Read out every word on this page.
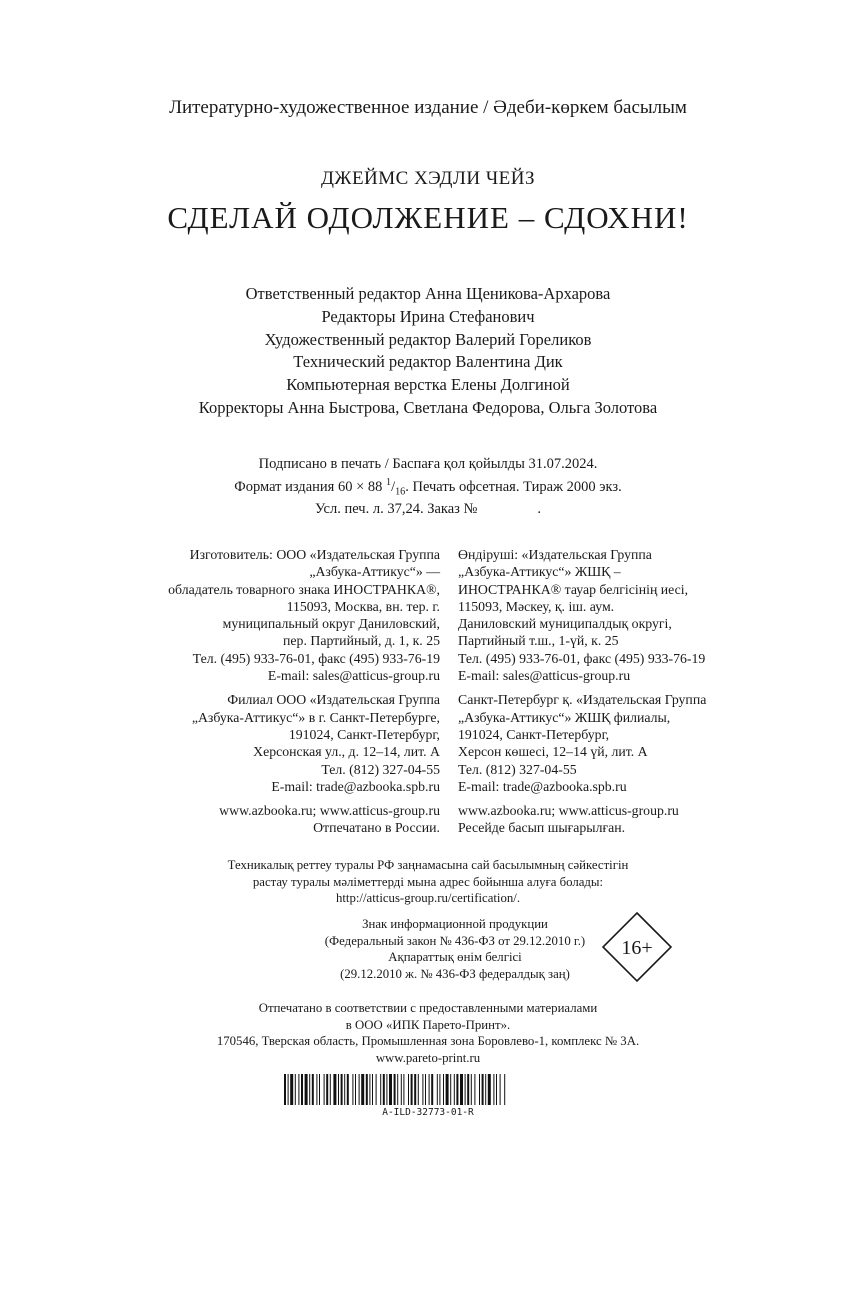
Литературно-художественное издание / Әдеби-көркем басылым
ДЖЕЙМС ХЭДЛИ ЧЕЙЗ
СДЕЛАЙ ОДОЛЖЕНИЕ – СДОХНИ!
Ответственный редактор Анна Щеникова-Архарова
Редакторы Ирина Стефанович
Художественный редактор Валерий Гореликов
Технический редактор Валентина Дик
Компьютерная верстка Елены Долгиной
Корректоры Анна Быстрова, Светлана Федорова, Ольга Золотова
Подписано в печать / Баспаға қол қойылды 31.07.2024.
Формат издания 60 × 88 $^1/_{16}$. Печать офсетная. Тираж 2000 экз.
Усл. печ. л. 37,24. Заказ №	.
Изготовитель: ООО «Издательская Группа
„Азбука-Аттикус“» —
обладатель товарного знака ИНОСТРАНКА®,
115093, Москва, вн. тер. г.
муниципальный округ Даниловский,
пер. Партийный, д. 1, к. 25
Тел. (495) 933-76-01, факс (495) 933-76-19
E-mail: sales@atticus-group.ru
Филиал ООО «Издательская Группа
„Азбука-Аттикус“» в г. Санкт-Петербурге,
191024, Санкт-Петербург,
Херсонская ул., д. 12–14, лит. А
Тел. (812) 327-04-55
E-mail: trade@azbooka.spb.ru
www.azbooka.ru; www.atticus-group.ru
Отпечатано в России.
Өндіруші: «Издательская Группа
„Азбука-Аттикус“» ЖШҚ –
ИНОСТРАНКА® тауар белгісінің иесі,
115093, Мәскеу, қ. іш. аум.
Даниловский муниципалдық округі,
Партийный т.ш., 1-үй, к. 25
Тел. (495) 933-76-01, факс (495) 933-76-19
E-mail: sales@atticus-group.ru
Санкт-Петербург қ. «Издательская Группа
„Азбука-Аттикус“» ЖШҚ филиалы,
191024, Санкт-Петербург,
Херсон көшесі, 12–14 үй, лит. А
Тел. (812) 327-04-55
E-mail: trade@azbooka.spb.ru
www.azbooka.ru; www.atticus-group.ru
Ресейде басып шығарылған.
Техникалық реттеу туралы РФ заңнамасына сай басылымның сәйкестігін
растау туралы мәліметтерді мына адрес бойынша алуға болады:
http://atticus-group.ru/certification/.
Знак информационной продукции
(Федеральный закон № 436-ФЗ от 29.12.2010 г.)
Ақпараттық өнім белгісі
(29.12.2010 ж. № 436-ФЗ федералдық заң)
16+
Отпечатано в соответствии с предоставленными материалами
в ООО «ИПК Парето-Принт».
170546, Тверская область, Промышленная зона Боровлево-1, комплекс № 3А.
www.pareto-print.ru
A-ILD-32773-01-R
